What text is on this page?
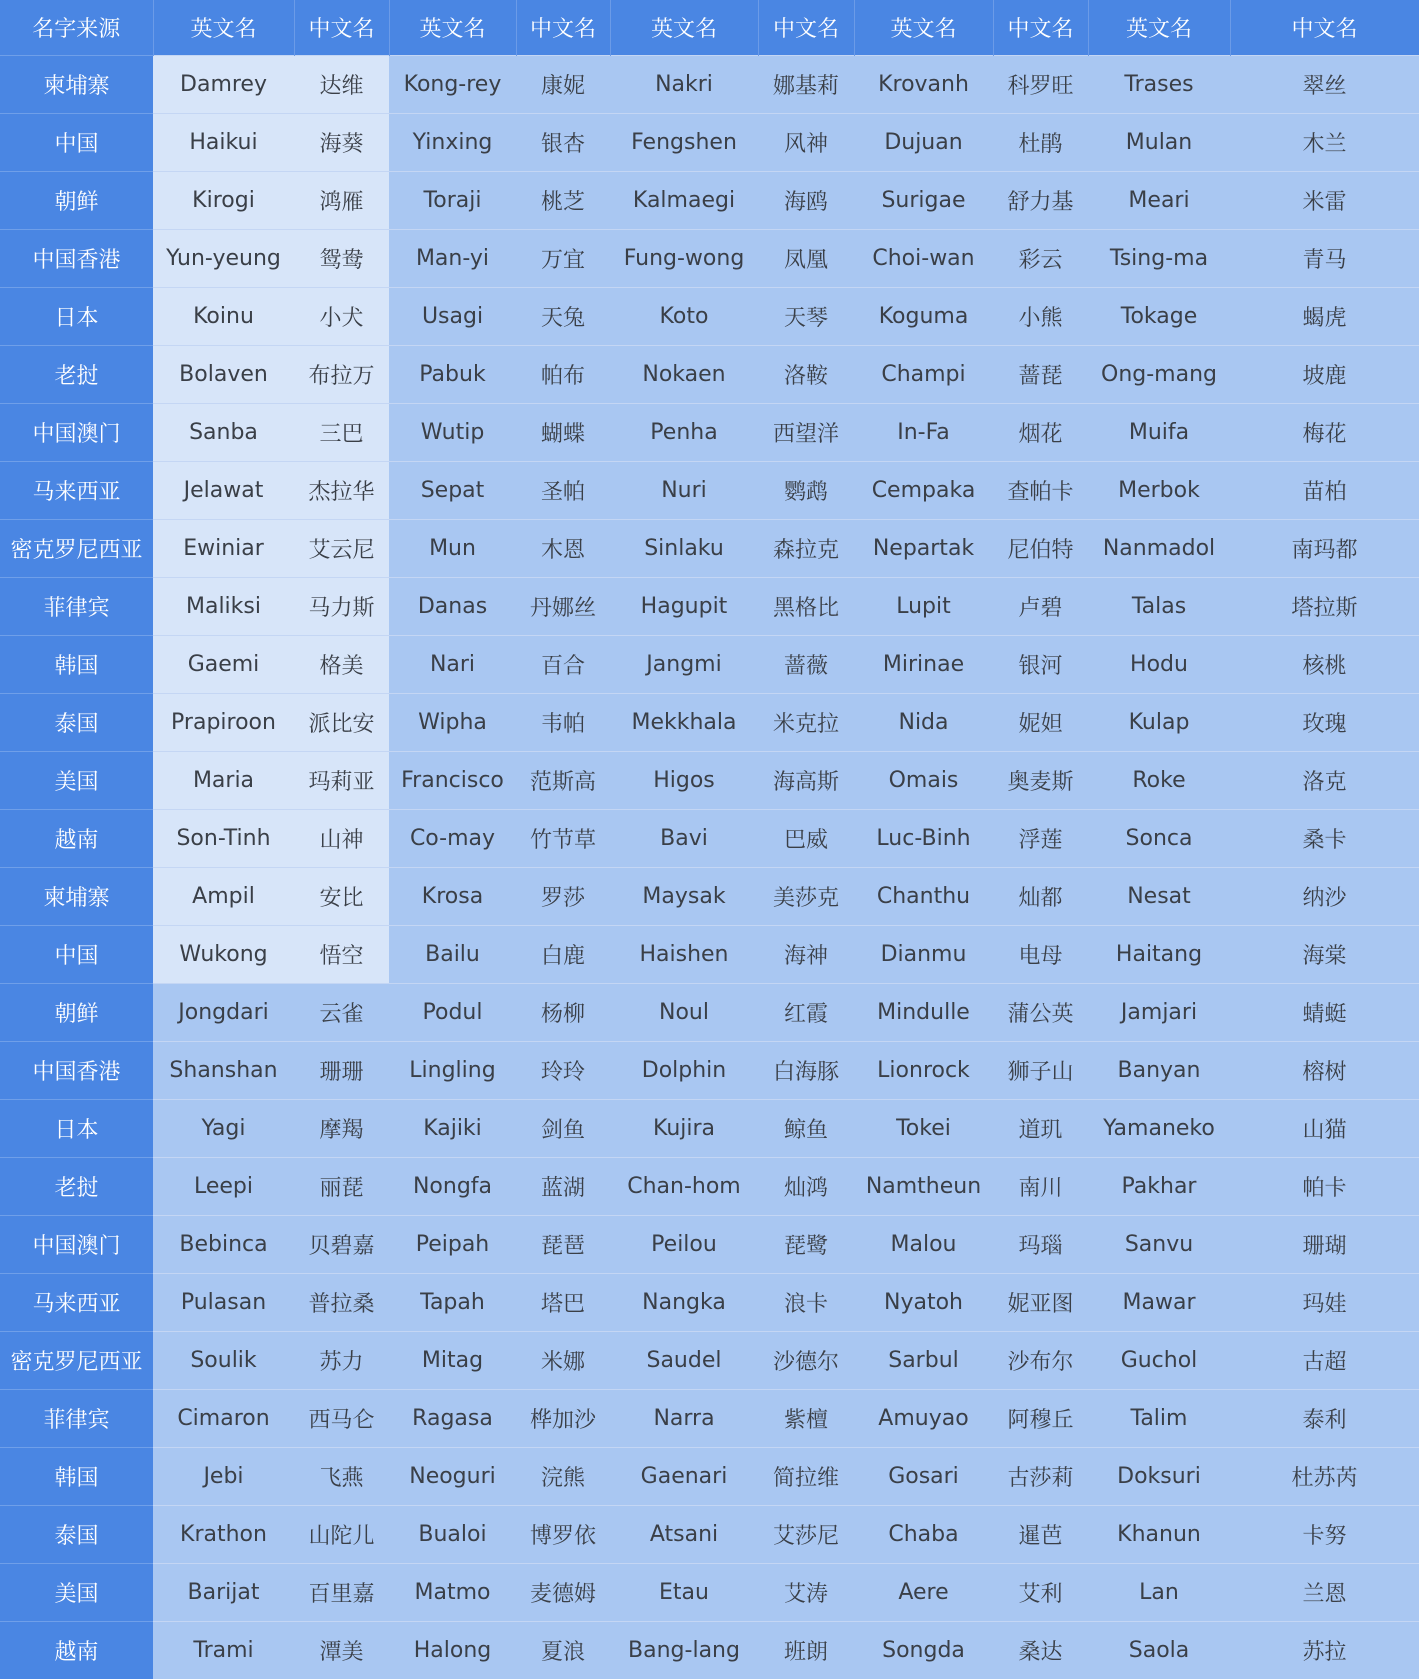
名字来源	英文名	中文名	英文名	中文名	英文名	中文名	英文名	中文名	英文名	中文名
柬埔寨	Damrey	达维	Kong-rey	康妮	Nakri	娜基莉	Krovanh	科罗旺	Trases	翠丝
中国	Haikui	海葵	Yinxing	银杏	Fengshen	风神	Dujuan	杜鹃	Mulan	木兰
朝鲜	Kirogi	鸿雁	Toraji	桃芝	Kalmaegi	海鸥	Surigae	舒力基	Meari	米雷
中国香港	Yun-yeung	鸳鸯	Man-yi	万宜	Fung-wong	凤凰	Choi-wan	彩云	Tsing-ma	青马
日本	Koinu	小犬	Usagi	天兔	Koto	天琴	Koguma	小熊	Tokage	蝎虎
老挝	Bolaven	布拉万	Pabuk	帕布	Nokaen	洛鞍	Champi	蔷琵	Ong-mang	坡鹿
中国澳门	Sanba	三巴	Wutip	蝴蝶	Penha	西望洋	In-Fa	烟花	Muifa	梅花
马来西亚	Jelawat	杰拉华	Sepat	圣帕	Nuri	鹦鹉	Cempaka	查帕卡	Merbok	苗柏
密克罗尼西亚	Ewiniar	艾云尼	Mun	木恩	Sinlaku	森拉克	Nepartak	尼伯特	Nanmadol	南玛都
菲律宾	Maliksi	马力斯	Danas	丹娜丝	Hagupit	黑格比	Lupit	卢碧	Talas	塔拉斯
韩国	Gaemi	格美	Nari	百合	Jangmi	蔷薇	Mirinae	银河	Hodu	核桃
泰国	Prapiroon	派比安	Wipha	韦帕	Mekkhala	米克拉	Nida	妮妲	Kulap	玫瑰
美国	Maria	玛莉亚	Francisco	范斯高	Higos	海高斯	Omais	奥麦斯	Roke	洛克
越南	Son-Tinh	山神	Co-may	竹节草	Bavi	巴威	Luc-Binh	浮莲	Sonca	桑卡
柬埔寨	Ampil	安比	Krosa	罗莎	Maysak	美莎克	Chanthu	灿都	Nesat	纳沙
中国	Wukong	悟空	Bailu	白鹿	Haishen	海神	Dianmu	电母	Haitang	海棠
朝鲜	Jongdari	云雀	Podul	杨柳	Noul	红霞	Mindulle	蒲公英	Jamjari	蜻蜓
中国香港	Shanshan	珊珊	Lingling	玲玲	Dolphin	白海豚	Lionrock	狮子山	Banyan	榕树
日本	Yagi	摩羯	Kajiki	剑鱼	Kujira	鲸鱼	Tokei	道玑	Yamaneko	山猫
老挝	Leepi	丽琵	Nongfa	蓝湖	Chan-hom	灿鸿	Namtheun	南川	Pakhar	帕卡
中国澳门	Bebinca	贝碧嘉	Peipah	琵琶	Peilou	琵鹭	Malou	玛瑙	Sanvu	珊瑚
马来西亚	Pulasan	普拉桑	Tapah	塔巴	Nangka	浪卡	Nyatoh	妮亚图	Mawar	玛娃
密克罗尼西亚	Soulik	苏力	Mitag	米娜	Saudel	沙德尔	Sarbul	沙布尔	Guchol	古超
菲律宾	Cimaron	西马仑	Ragasa	桦加沙	Narra	紫檀	Amuyao	阿穆丘	Talim	泰利
韩国	Jebi	飞燕	Neoguri	浣熊	Gaenari	简拉维	Gosari	古莎莉	Doksuri	杜苏芮
泰国	Krathon	山陀儿	Bualoi	博罗依	Atsani	艾莎尼	Chaba	暹芭	Khanun	卡努
美国	Barijat	百里嘉	Matmo	麦德姆	Etau	艾涛	Aere	艾利	Lan	兰恩
越南	Trami	潭美	Halong	夏浪	Bang-lang	班朗	Songda	桑达	Saola	苏拉
